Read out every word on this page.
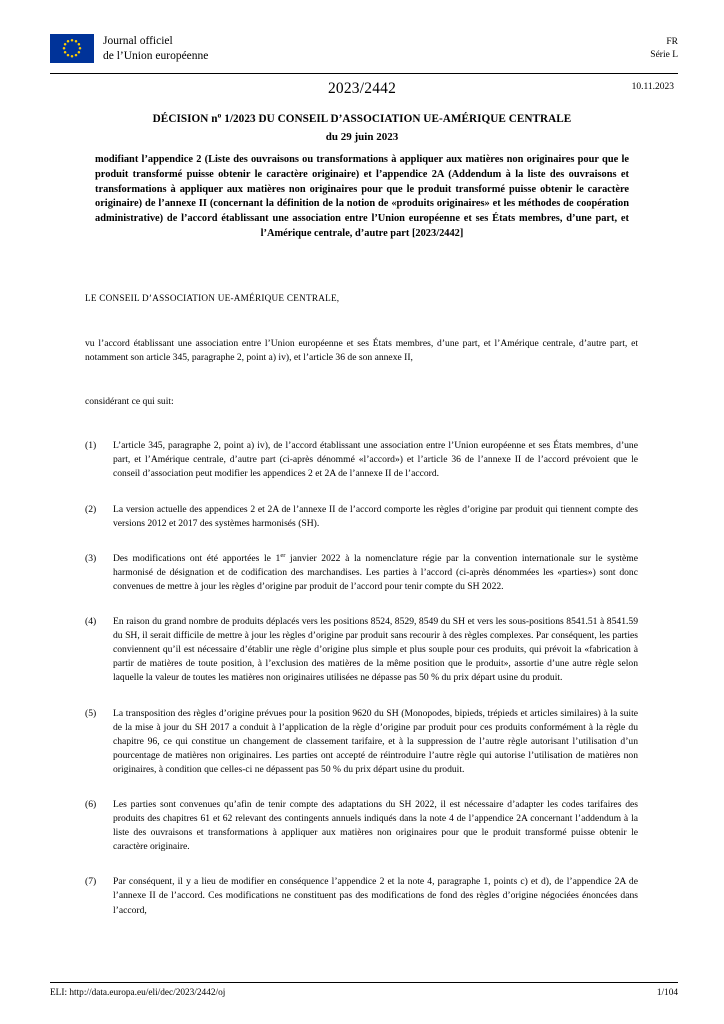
Journal officiel
de l’Union européenne
FR
Série L
10.11.2023
2023/2442
DÉCISION $n^o$ 1/2023 DU CONSEIL D’ASSOCIATION UE-AMÉRIQUE CENTRALE
du 29 juin 2023
modifiant l’appendice 2 (Liste des ouvraisons ou transformations à appliquer aux matières non originaires pour que le produit transformé puisse obtenir le caractère originaire) et l’appendice 2A (Addendum à la liste des ouvraisons et transformations à appliquer aux matières non originaires pour que le produit transformé puisse obtenir le caractère originaire) de l’annexe II (concernant la définition de la notion de «produits originaires» et les méthodes de coopération administrative) de l’accord établissant une association entre l’Union européenne et ses États membres, d’une part, et l’Amérique centrale, d’autre part [2023/2442]
LE CONSEIL D’ASSOCIATION UE-AMÉRIQUE CENTRALE,
vu l’accord établissant une association entre l’Union européenne et ses États membres, d’une part, et l’Amérique centrale, d’autre part, et notamment son article 345, paragraphe 2, point a) iv), et l’article 36 de son annexe II,
considérant ce qui suit:
(1)	L’article 345, paragraphe 2, point a) iv), de l’accord établissant une association entre l’Union européenne et ses États membres, d’une part, et l’Amérique centrale, d’autre part (ci-après dénommé «l’accord») et l’article 36 de l’annexe II de l’accord prévoient que le conseil d’association peut modifier les appendices 2 et 2A de l’annexe II de l’accord.
(2)	La version actuelle des appendices 2 et 2A de l’annexe II de l’accord comporte les règles d’origine par produit qui tiennent compte des versions 2012 et 2017 des systèmes harmonisés (SH).
(3)	Des modifications ont été apportées le 1er janvier 2022 à la nomenclature régie par la convention internationale sur le système harmonisé de désignation et de codification des marchandises. Les parties à l’accord (ci-après dénommées les «parties») sont donc convenues de mettre à jour les règles d’origine par produit de l’accord pour tenir compte du SH 2022.
(4)	En raison du grand nombre de produits déplacés vers les positions 8524, 8529, 8549 du SH et vers les sous-positions 8541.51 à 8541.59 du SH, il serait difficile de mettre à jour les règles d’origine par produit sans recourir à des règles complexes. Par conséquent, les parties conviennent qu’il est nécessaire d’établir une règle d’origine plus simple et plus souple pour ces produits, qui prévoit la «fabrication à partir de matières de toute position, à l’exclusion des matières de la même position que le produit», assortie d’une autre règle selon laquelle la valeur de toutes les matières non originaires utilisées ne dépasse pas 50 % du prix départ usine du produit.
(5)	La transposition des règles d’origine prévues pour la position 9620 du SH (Monopodes, bipieds, trépieds et articles similaires) à la suite de la mise à jour du SH 2017 a conduit à l’application de la règle d’origine par produit pour ces produits conformément à la règle du chapitre 96, ce qui constitue un changement de classement tarifaire, et à la suppression de l’autre règle autorisant l’utilisation d’un pourcentage de matières non originaires. Les parties ont accepté de réintroduire l’autre règle qui autorise l’utilisation de matières non originaires, à condition que celles-ci ne dépassent pas 50 % du prix départ usine du produit.
(6)	Les parties sont convenues qu’afin de tenir compte des adaptations du SH 2022, il est nécessaire d’adapter les codes tarifaires des produits des chapitres 61 et 62 relevant des contingents annuels indiqués dans la note 4 de l’appendice 2A concernant l’addendum à la liste des ouvraisons et transformations à appliquer aux matières non originaires pour que le produit transformé puisse obtenir le caractère originaire.
(7)	Par conséquent, il y a lieu de modifier en conséquence l’appendice 2 et la note 4, paragraphe 1, points c) et d), de l’appendice 2A de l’annexe II de l’accord. Ces modifications ne constituent pas des modifications de fond des règles d’origine négociées énoncées dans l’accord,
ELI: http://data.europa.eu/eli/dec/2023/2442/oj	1/104
